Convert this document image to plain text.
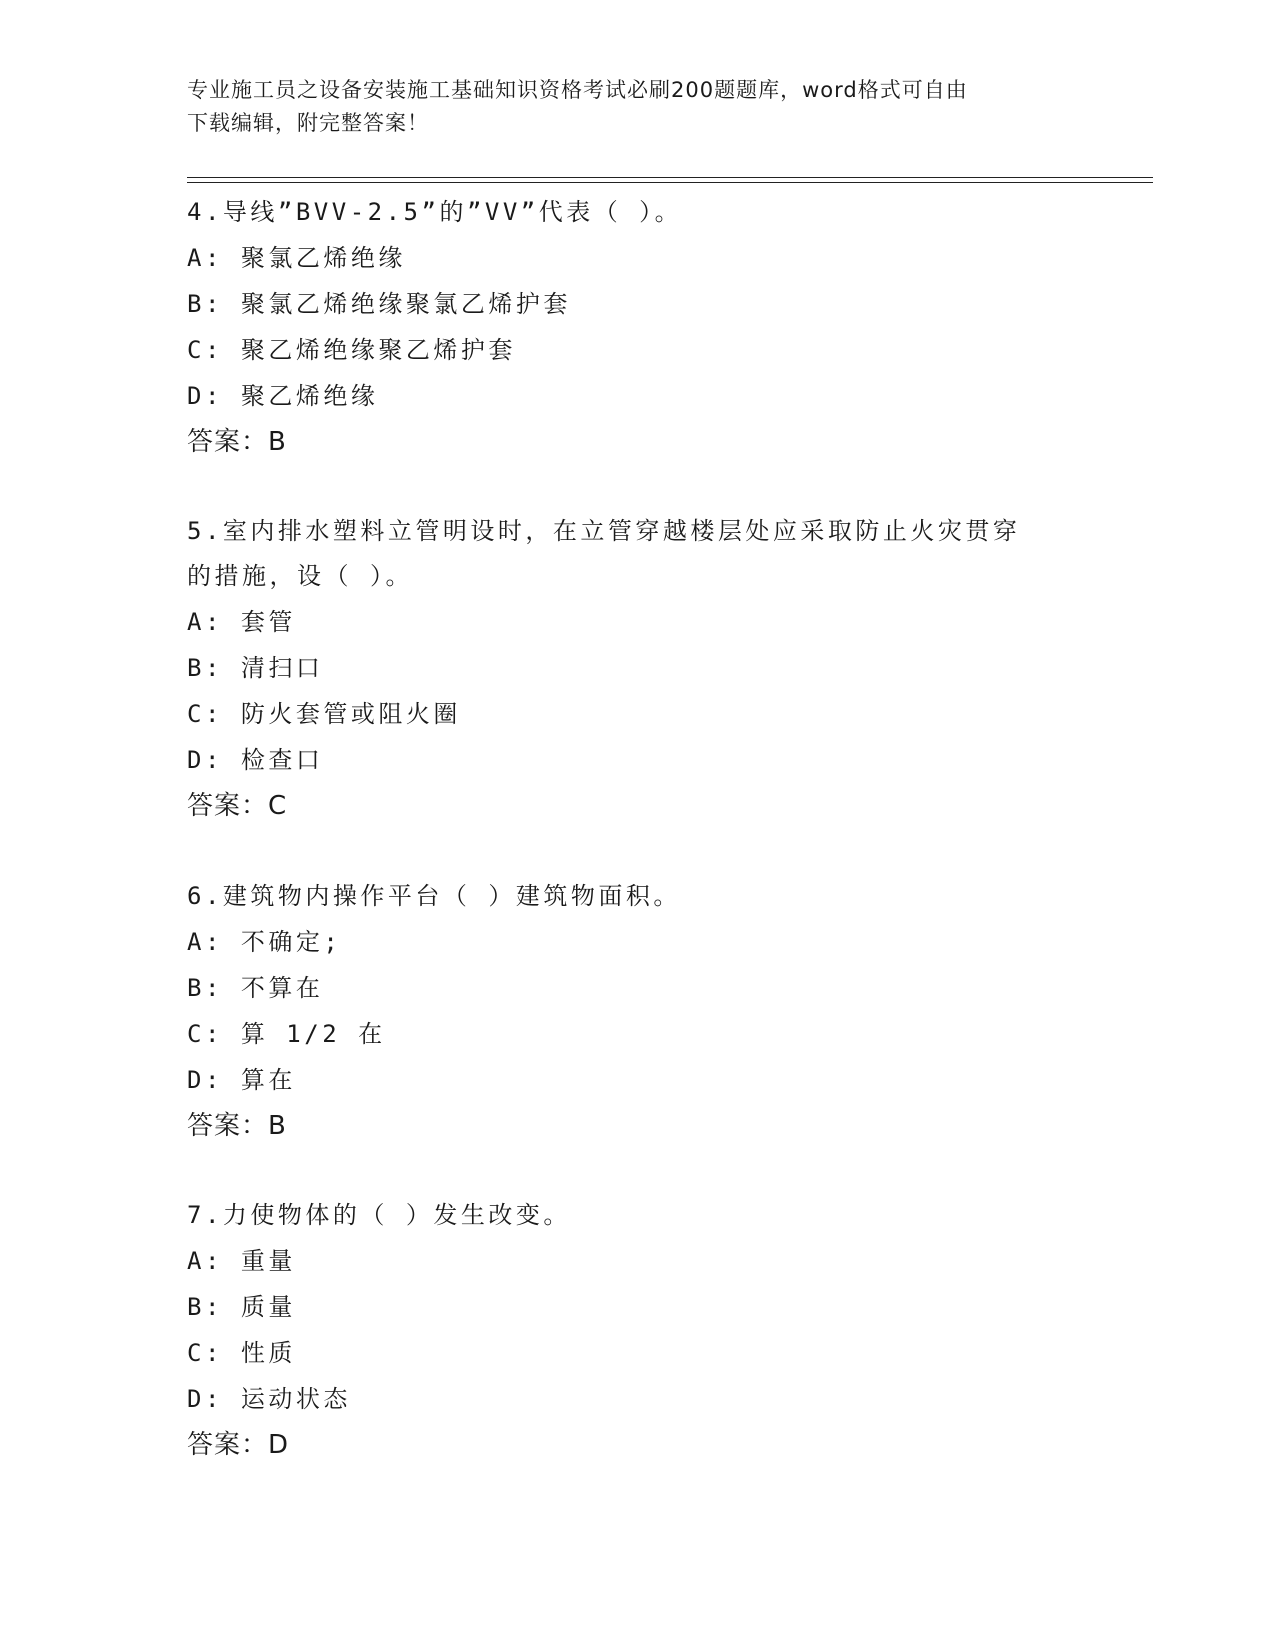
专业施工员之设备安装施工基础知识资格考试必刷200题题库，word格式可自由
下载编辑，附完整答案！

4.导线”BVV-2.5”的”VV”代表（ ）。

A: 聚氯乙烯绝缘

B: 聚氯乙烯绝缘聚氯乙烯护套

C: 聚乙烯绝缘聚乙烯护套

D: 聚乙烯绝缘

答案：B

5.室内排水塑料立管明设时，在立管穿越楼层处应采取防止火灾贯穿

的措施，设（ ）。

A: 套管

B: 清扫口

C: 防火套管或阻火圈

D: 检查口

答案：C

6.建筑物内操作平台（ ）建筑物面积。

A: 不确定;

B: 不算在

C: 算 1/2 在

D: 算在

答案：B

7.力使物体的（ ）发生改变。

A: 重量

B: 质量

C: 性质

D: 运动状态

答案：D
